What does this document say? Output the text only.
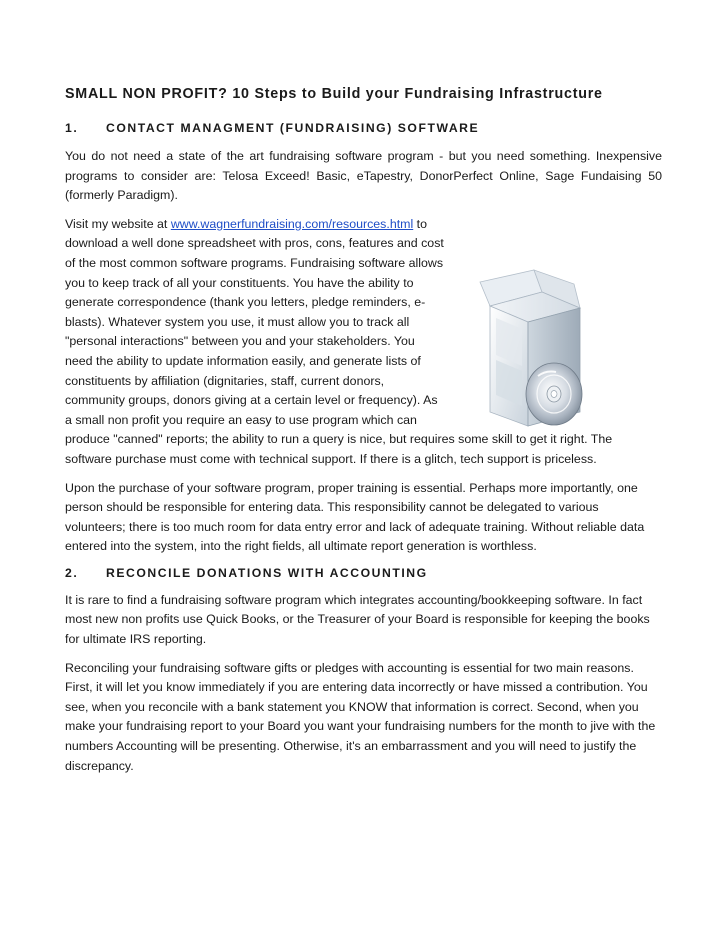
SMALL NON PROFIT? 10 Steps to Build your Fundraising Infrastructure
1.	CONTACT MANAGMENT (FUNDRAISING) SOFTWARE

You do not need a state of the art fundraising software program - but you need something. Inexpensive programs to consider are: Telosa Exceed! Basic, eTapestry, DonorPerfect Online, Sage Fundaising 50 (formerly Paradigm).

Visit my website at www.wagnerfundraising.com/resources.html to

download a well done spreadsheet with pros, cons, features and cost

of the most common software programs. Fundraising software allows

you to keep track of all your constituents. You have the ability to

generate correspondence (thank you letters, pledge reminders, e-

blasts). Whatever system you use, it must allow you to track all

"personal interactions" between you and your stakeholders. You

need the ability to update information easily, and generate lists of

constituents by affiliation (dignitaries, staff, current donors,

community groups, donors giving at a certain level or frequency). As

a small non profit you require an easy to use program which can

produce "canned" reports; the ability to run a query is nice, but requires some skill to get it right. The

software purchase must come with technical support. If there is a glitch, tech support is priceless.

Upon the purchase of your software program, proper training is essential. Perhaps more importantly, one person should be responsible for entering data. This responsibility cannot be delegated to various volunteers; there is too much room for data entry error and lack of adequate training. Without reliable data entered into the system, into the right fields, all ultimate report generation is worthless.

2.	RECONCILE DONATIONS WITH ACCOUNTING

It is rare to find a fundraising software program which integrates accounting/bookkeeping software. In fact most new non profits use Quick Books, or the Treasurer of your Board is responsible for keeping the books for ultimate IRS reporting.

Reconciling your fundraising software gifts or pledges with accounting is essential for two main reasons. First, it will let you know immediately if you are entering data incorrectly or have missed a contribution. You see, when you reconcile with a bank statement you KNOW that information is correct. Second, when you make your fundraising report to your Board you want your fundraising numbers for the month to jive with the numbers Accounting will be presenting. Otherwise, it's an embarrassment and you will need to justify the discrepancy.
